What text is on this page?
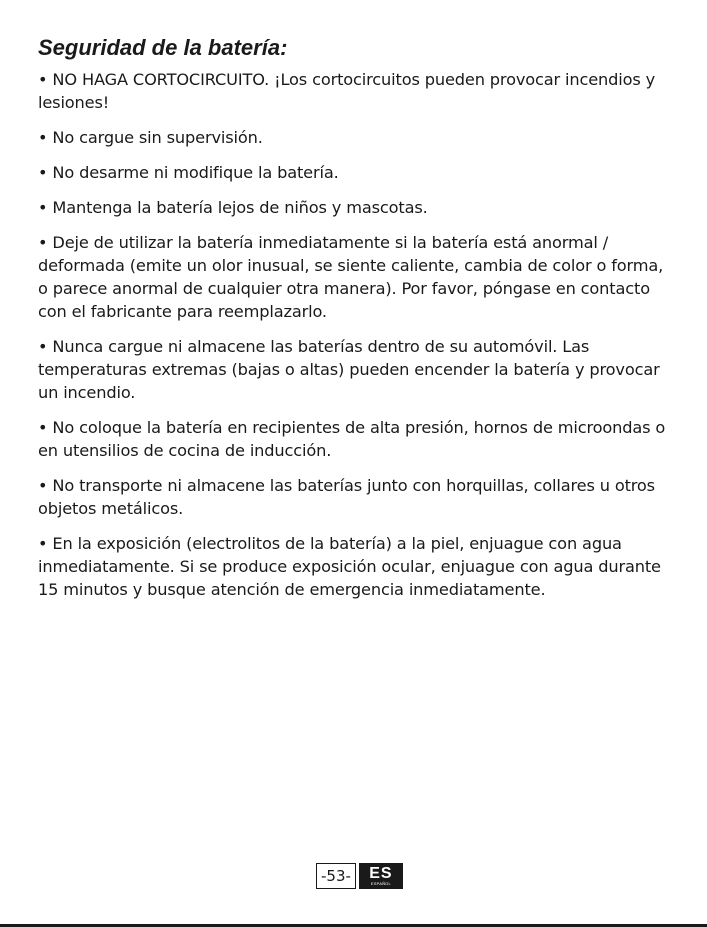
Seguridad de la batería:
• NO HAGA CORTOCIRCUITO. ¡Los cortocircuitos pueden provocar incendios y lesiones!
• No cargue sin supervisión.
• No desarme ni modifique la batería.
• Mantenga la batería lejos de niños y mascotas.
• Deje de utilizar la batería inmediatamente si la batería está anormal / deformada (emite un olor inusual, se siente caliente, cambia de color o forma, o parece anormal de cualquier otra manera). Por favor, póngase en contacto con el fabricante para reemplazarlo.
• Nunca cargue ni almacene las baterías dentro de su automóvil. Las temperaturas extremas (bajas o altas) pueden encender la batería y provocar un incendio.
• No coloque la batería en recipientes de alta presión, hornos de microondas o en utensilios de cocina de inducción.
• No transporte ni almacene las baterías junto con horquillas, collares u otros objetos metálicos.
• En la exposición (electrolitos de la batería) a la piel, enjuague con agua inmediatamente. Si se produce exposición ocular, enjuague con agua durante 15 minutos y busque atención de emergencia inmediatamente.
-53-	ES
ESPAÑOL
